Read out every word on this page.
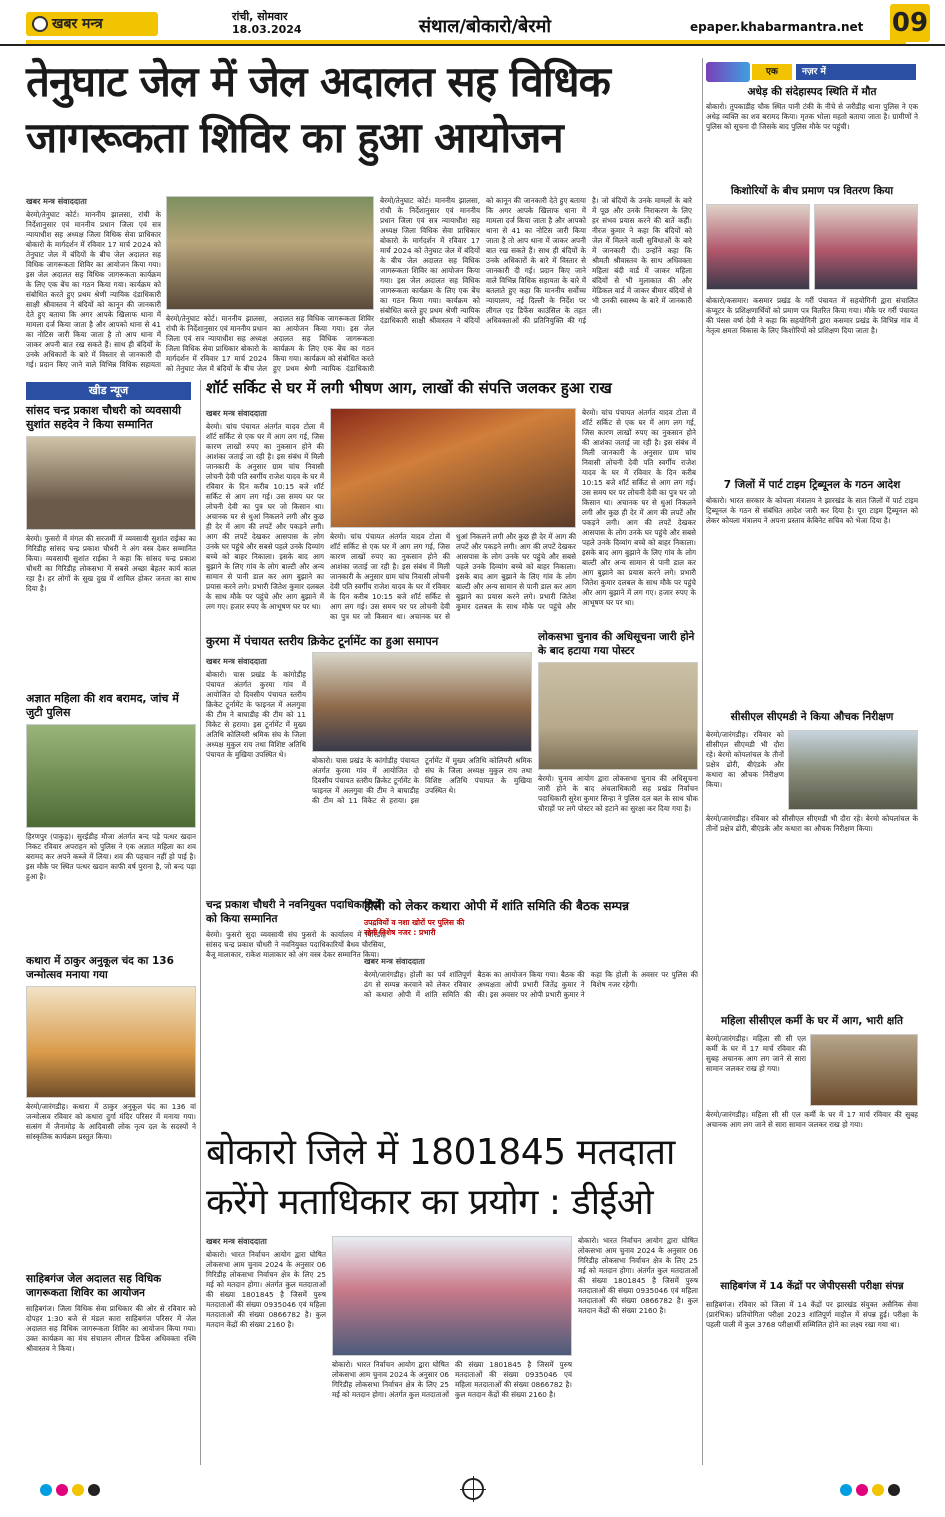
खबर मन्त्र	रांची, सोमवार
18.03.2024	संथाल/बोकारो/बेरमो	epaper.khabarmantra.net 09
तेनुघाट जेल में जेल अदालत सह विधिक जागरूकता शिविर का हुआ आयोजन
खबर मन्त्र संवाददाता
बेरमो/तेनुघाट कोर्ट। माननीय झालसा, रांची के निर्देशानुसार एवं माननीय प्रधान जिला एवं सत्र न्यायाधीश सह अध्यक्ष जिला विधिक सेवा प्राधिकार बोकारो के मार्गदर्शन में रविवार 17 मार्च 2024 को तेनुघाट जेल में बंदियों के बीच जेल अदालत सह विधिक जागरूकता शिविर का आयोजन किया गया। इस जेल अदालत सह विधिक जागरूकता कार्यक्रम के लिए एक बेंच का गठन किया गया। कार्यक्रम को संबोधित करते हुए प्रथम श्रेणी न्यायिक दंडाधिकारी साक्षी श्रीवास्तव ने बंदियों को कानून की जानकारी देते हुए बताया कि अगर आपके खिलाफ थाना में मामला दर्ज किया जाता है और आपको थाना से 41 का नोटिस जारी किया जाता है तो आप थाना में जाकर अपनी बात रख सकते हैं। साथ ही बंदियों के उनके अधिकारों के बारे में विस्तार से जानकारी दी गई। प्रदान किए जाने वाले विभिन्न विधिक सहायता
बेरमो/तेनुघाट कोर्ट। माननीय झालसा, रांची के निर्देशानुसार एवं माननीय प्रधान जिला एवं सत्र न्यायाधीश सह अध्यक्ष जिला विधिक सेवा प्राधिकार बोकारो के मार्गदर्शन में रविवार 17 मार्च 2024 को तेनुघाट जेल में बंदियों के बीच जेल अदालत सह विधिक जागरूकता शिविर का आयोजन किया गया। इस जेल अदालत सह विधिक जागरूकता कार्यक्रम के लिए एक बेंच का गठन किया गया। कार्यक्रम को संबोधित करते हुए प्रथम श्रेणी न्यायिक दंडाधिकारी
बेरमो/तेनुघाट कोर्ट। माननीय झालसा, रांची के निर्देशानुसार एवं माननीय प्रधान जिला एवं सत्र न्यायाधीश सह अध्यक्ष जिला विधिक सेवा प्राधिकार बोकारो के मार्गदर्शन में रविवार 17 मार्च 2024 को तेनुघाट जेल में बंदियों के बीच जेल अदालत सह विधिक जागरूकता शिविर का आयोजन किया गया। इस जेल अदालत सह विधिक जागरूकता कार्यक्रम के लिए एक बेंच का गठन किया गया। कार्यक्रम को संबोधित करते हुए प्रथम श्रेणी न्यायिक दंडाधिकारी साक्षी श्रीवास्तव ने बंदियों को कानून की जानकारी देते हुए बताया कि अगर आपके खिलाफ थाना में मामला दर्ज किया जाता है और आपको थाना से 41 का नोटिस जारी किया जाता है तो आप थाना में जाकर अपनी बात रख सकते हैं। साथ ही बंदियों के उनके अधिकारों के बारे में विस्तार से जानकारी दी गई। प्रदान किए जाने वाले विभिन्न विधिक सहायता के बारे में बतलाते हुए कहा कि माननीय सर्वोच्च न्यायालय, नई दिल्ली के निर्देश पर लीगल एड डिफेंस काउंसिल के तहत अधिवक्ताओं की प्रतिनियुक्ति की गई है। जो बंदियों के उनके मामलों के बारे में पूछ और उनके निराकरण के लिए हर संभव प्रयास करने की बातें कहीं। नीरज कुमार ने कहा कि बंदियों को जेल में मिलने वाली सुविधाओं के बारे में जानकारी दी। उन्होंने कहा कि श्रीमती श्रीवास्तव के साथ अधिवक्ता महिला बंदी वार्ड में जाकर महिला बंदियों से भी मुलाकात की और मेडिकल वार्ड में जाकर बीमार बंदियों से भी उनकी स्वास्थ्य के बारे में जानकारी ली।
खीड न्यूज
सांसद चन्द्र प्रकाश चौधरी को व्यवसायी सुशांत सहदेव ने किया सम्मानित
बेरमो। फुसरो में मंगल की सरजमीं में व्यवसायी सुशांत राईका का गिरिडीह सांसद चन्द्र प्रकाश चौधरी ने अंग वस्त्र देकर सम्मानित किया। व्यवसायी सुशांत राईका ने कहा कि सांसद चन्द्र प्रकाश चौधरी का गिरिडीह लोकसभा में सबसे अच्छा बेहतर कार्य काल रहा है। हर लोगों के सुख दुख में शामिल होकर जनता का साथ दिया है।
अज्ञात महिला की शव बरामद, जांच में जुटी पुलिस
हिरणपुर (पाकुड़)। सुरईडीह मौजा अंतर्गत बन्द पड़े पत्थर खदान निकट रविवार अपराहन को पुलिस ने एक अज्ञात महिला का शव बरामद कर अपने कब्जे में लिया। शव की पहचान नहीं हो पाई है। इस मौके पर स्थित पत्थर खदान काफी वर्ष पुराना है, जो बन्द पड़ा हुआ है।
कथारा में ठाकुर अनुकूल चंद का 136 जन्मोत्सव मनाया गया
बेरमो/जारंगडीह। कथारा में ठाकुर अनुकूल चंद का 136 वां जन्मोत्सव रविवार को कथारा दुर्गा मंदिर परिसर में मनाया गया। सत्संग में जैनामोड़ के आदिवासी लोक नृत्य दल के सदस्यों ने सांस्कृतिक कार्यक्रम प्रस्तुत किया।
साहिबगंज जेल अदालत सह विधिक जागरूकता शिविर का आयोजन
साहिबगंज। जिला विधिक सेवा प्राधिकार की ओर से रविवार को दोपहर 1:30 बजे से मंडल कारा साहिबगंज परिसर में जेल अदालत सह विधिक जागरूकता शिविर का आयोजन किया गया। उक्त कार्यक्रम का मंच संचालन लीगल डिफेंस अधिवक्ता रश्मि श्रीवास्तव ने किया।
शॉर्ट सर्किट से घर में लगी भीषण आग, लाखों की संपत्ति जलकर हुआ राख
खबर मन्त्र संवाददाता
बेरमो। चांच पंचायत अंतर्गत यादव टोला में शॉर्ट सर्किट से एक घर में आग लग गई, जिस कारण लाखों रुपए का नुकसान होने की आशंका जताई जा रही है। इस संबंध में मिली जानकारी के अनुसार ग्राम चांच निवासी लोचनी देवी पति स्वर्गीय राजेश यादव के घर में रविवार के दिन करीब 10:15 बजे शॉर्ट सर्किट से आग लग गई। उस समय घर पर लोचनी देवी का पुत्र घर जो किसान था। अचानक घर से धुआं निकलने लगी और कुछ ही देर में आग की लपटें और पकड़ने लगी। आग की लपटें देखकर आसपास के लोग उनके घर पहुंचे और सबसे पहले उनके दिव्यांग बच्चे को बाहर निकाला। इसके बाद आग बुझाने के लिए गांव के लोग बाल्टी और अन्य सामान से पानी डाल कर आग बुझाने का प्रयास करने लगे। प्रभारी जितेश कुमार दलबल के साथ मौके पर पहुंचे और आग बुझाने में लग गए। हजार रुपए के आभूषण घर पर था।
बेरमो। चांच पंचायत अंतर्गत यादव टोला में शॉर्ट सर्किट से एक घर में आग लग गई, जिस कारण लाखों रुपए का नुकसान होने की आशंका जताई जा रही है। इस संबंध में मिली जानकारी के अनुसार ग्राम चांच निवासी लोचनी देवी पति स्वर्गीय राजेश यादव के घर में रविवार के दिन करीब 10:15 बजे शॉर्ट सर्किट से आग लग गई। उस समय घर पर लोचनी देवी का पुत्र घर जो किसान था। अचानक घर से धुआं निकलने लगी और कुछ ही देर में आग की लपटें और पकड़ने लगी। आग की लपटें देखकर आसपास के लोग उनके घर पहुंचे और सबसे पहले उनके दिव्यांग बच्चे को बाहर निकाला। इसके बाद आग बुझाने के लिए गांव के लोग बाल्टी और अन्य सामान से पानी डाल कर आग बुझाने का प्रयास करने लगे। प्रभारी जितेश कुमार दलबल के साथ मौके पर पहुंचे और
बेरमो। चांच पंचायत अंतर्गत यादव टोला में शॉर्ट सर्किट से एक घर में आग लग गई, जिस कारण लाखों रुपए का नुकसान होने की आशंका जताई जा रही है। इस संबंध में मिली जानकारी के अनुसार ग्राम चांच निवासी लोचनी देवी पति स्वर्गीय राजेश यादव के घर में रविवार के दिन करीब 10:15 बजे शॉर्ट सर्किट से आग लग गई। उस समय घर पर लोचनी देवी का पुत्र घर जो किसान था। अचानक घर से धुआं निकलने लगी और कुछ ही देर में आग की लपटें और पकड़ने लगी। आग की लपटें देखकर आसपास के लोग उनके घर पहुंचे और सबसे पहले उनके दिव्यांग बच्चे को बाहर निकाला। इसके बाद आग बुझाने के लिए गांव के लोग बाल्टी और अन्य सामान से पानी डाल कर आग बुझाने का प्रयास करने लगे। प्रभारी जितेश कुमार दलबल के साथ मौके पर पहुंचे और आग बुझाने में लग गए। हजार रुपए के आभूषण घर पर था।
कुरमा में पंचायत स्तरीय क्रिकेट टूर्नामेंट का हुआ समापन
खबर मन्त्र संवाददाता
बोकारो। चास प्रखंड के कांगोडीह पंचायत अंतर्गत कुरमा गांव में आयोजित दो दिवसीय पंचायत स्तरीय क्रिकेट टूर्नामेंट के फाइनल में अलगुवा की टीम ने बाघाडीह की टीम को 11 विकेट से हराया। इस टूर्नामेंट में मुख्य अतिथि कोलियरी श्रमिक संघ के जिला अध्यक्ष मुकुल राय तथा विशिष्ट अतिथि पंचायत के मुखिया उपस्थित थे।
बोकारो। चास प्रखंड के कांगोडीह पंचायत अंतर्गत कुरमा गांव में आयोजित दो दिवसीय पंचायत स्तरीय क्रिकेट टूर्नामेंट के फाइनल में अलगुवा की टीम ने बाघाडीह की टीम को 11 विकेट से हराया। इस टूर्नामेंट में मुख्य अतिथि कोलियरी श्रमिक संघ के जिला अध्यक्ष मुकुल राय तथा विशिष्ट अतिथि पंचायत के मुखिया उपस्थित थे।
लोकसभा चुनाव की अधिसूचना जारी होने के बाद हटाया गया पोस्टर
बेरमो। चुनाव आयोग द्वारा लोकसभा चुनाव की अधिसूचना जारी होने के बाद अंचलाधिकारी सह प्रखंड निर्वाचन पदाधिकारी सुरेश कुमार सिन्हा ने पुलिस दल बल के साथ चौक चौराहों पर लगे पोस्टर को हटाने का सुरक्षा कर दिया गया है।
चन्द्र प्रकाश चौधरी ने नवनियुक्त पदाधिकारियों को किया सम्मानित
बेरमो। फुसरो सुदा व्यवसायी संघ फुसरो के कार्यालय में गिरिडीह सांसद चन्द्र प्रकाश चौधरी ने नवनियुक्त पदाधिकारियों बैधव चौरसिया, बैजू मालाकार, राकेश मालाकार को अंग वस्त्र देकर सम्मानित किया।
होली को लेकर कथारा ओपी में शांति समिति की बैठक सम्पन्न
उपद्रवियों व नशा खोरों पर पुलिस की रहेगी विशेष नजर : प्रभारी
खबर मन्त्र संवाददाता
बेरमो/जारंगडीह। होली का पर्व शांतिपूर्ण ढंग से सम्पन्न करवाने को लेकर रविवार को कथारा ओपी में शांति समिति की बैठक का आयोजन किया गया। बैठक की अध्यक्षता ओपी प्रभारी जितेंद्र कुमार ने की। इस अवसर पर ओपी प्रभारी कुमार ने कहा कि होली के अवसर पर पुलिस की विशेष नजर रहेगी।
बोकारो जिले में 1801845 मतदाता करेंगे मताधिकार का प्रयोग : डीईओ
खबर मन्त्र संवाददाता
बोकारो। भारत निर्वाचन आयोग द्वारा घोषित लोकसभा आम चुनाव 2024 के अनुसार 06 गिरिडीह लोकसभा निर्वाचन क्षेत्र के लिए 25 मई को मतदान होगा। अंतर्गत कुल मतदाताओं की संख्या 1801845 है जिसमें पुरुष मतदाताओं की संख्या 0935046 एवं महिला मतदाताओं की संख्या 0866782 है। कुल मतदान केंद्रों की संख्या 2160 है।
बोकारो। भारत निर्वाचन आयोग द्वारा घोषित लोकसभा आम चुनाव 2024 के अनुसार 06 गिरिडीह लोकसभा निर्वाचन क्षेत्र के लिए 25 मई को मतदान होगा। अंतर्गत कुल मतदाताओं की संख्या 1801845 है जिसमें पुरुष मतदाताओं की संख्या 0935046 एवं महिला मतदाताओं की संख्या 0866782 है। कुल मतदान केंद्रों की संख्या 2160 है।
बोकारो। भारत निर्वाचन आयोग द्वारा घोषित लोकसभा आम चुनाव 2024 के अनुसार 06 गिरिडीह लोकसभा निर्वाचन क्षेत्र के लिए 25 मई को मतदान होगा। अंतर्गत कुल मतदाताओं की संख्या 1801845 है जिसमें पुरुष मतदाताओं की संख्या 0935046 एवं महिला मतदाताओं की संख्या 0866782 है। कुल मतदान केंद्रों की संख्या 2160 है।
एक	नज़र में
अधेड़ की संदेहास्पद स्थिति में मौत
बोकारो। तुपकाडीह चौक स्थित पानी टंकी के नीचे से जरीडीह थाना पुलिस ने एक अधेड़ व्यक्ति का शव बरामद किया। मृतक भोला महतो बताया जाता है। ग्रामीणों ने पुलिस को सूचना दी जिसके बाद पुलिस मौके पर पहुंची।
किशोरियों के बीच प्रमाण पत्र वितरण किया
बोकारो/कसमार। कसमार प्रखंड के गर्री पंचायत में सहयोगिनी द्वारा संचालित कंप्यूटर के प्रशिक्षणार्थियों को प्रमाण पत्र वितरित किया गया। मौके पर गर्री पंचायत की पंसस वर्षा देवी ने कहा कि सहयोगिनी द्वारा कसमार प्रखंड के विभिन्न गांव में नेतृत्व क्षमता विकास के लिए किशोरियों को प्रशिक्षण दिया जाता है।
7 जिलों में पार्ट टाइम ट्रिब्यूनल के गठन आदेश
बोकारो। भारत सरकार के कोयला मंत्रालय ने झारखंड के सात जिलों में पार्ट टाइम ट्रिब्यूनल के गठन से संबंधित आदेश जारी कर दिया है। पूरा टाइम ट्रिब्यूनल को लेकर कोयला मंत्रालय ने अपना प्रस्ताव केबिनेट सचिव को भेजा दिया है।
सीसीएल सीएमडी ने किया औचक निरीक्षण
बेरमो/जारंगडीह। रविवार को सीसीएल सीएमडी भी दौरा रहे। बेरमो कोयलांचल के तीनों प्रक्षेत्र ढोरी, बीएंडके और कथारा का औचक निरीक्षण किया।
बेरमो/जारंगडीह। रविवार को सीसीएल सीएमडी भी दौरा रहे। बेरमो कोयलांचल के तीनों प्रक्षेत्र ढोरी, बीएंडके और कथारा का औचक निरीक्षण किया।
महिला सीसीएल कर्मी के घर में आग, भारी क्षति
बेरमो/जारंगडीह। महिला सी सी एल कर्मी के घर में 17 मार्च रविवार की सुबह अचानक आग लग जाने से सारा सामान जलकर राख हो गया।
बेरमो/जारंगडीह। महिला सी सी एल कर्मी के घर में 17 मार्च रविवार की सुबह अचानक आग लग जाने से सारा सामान जलकर राख हो गया।
साहिबगंज में 14 केंद्रों पर जेपीएससी परीक्षा संपन्न
साहिबगंज। रविवार को जिला में 14 केंद्रों पर झारखंड संयुक्त असैनिक सेवा (प्रारंभिक) प्रतियोगिता परीक्षा 2023 शांतिपूर्ण माहौल में संपन्न हुई। परीक्षा के पहली पाली में कुल 3768 परीक्षार्थी सम्मिलित होने का लक्ष्य रखा गया था।
